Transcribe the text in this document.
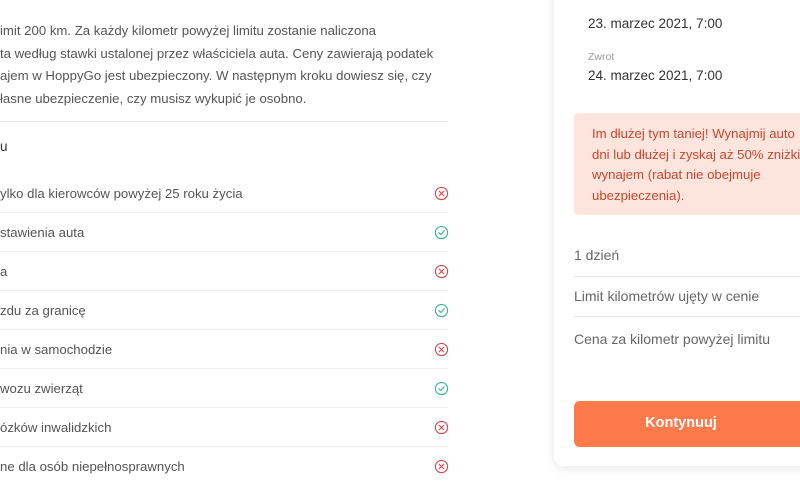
imit 200 km. Za każdy kilometr powyżej limitu zostanie naliczona
ta według stawki ustalonej przez właściciela auta. Ceny zawierają podatek
ajem w HoppyGo jest ubezpieczony. W następnym kroku dowiesz się, czy
łasne ubezpieczenie, czy musisz wykupić je osobno.
u
ylko dla kierowców powyżej 25 roku życia
stawienia auta
a
zdu za granicę
nia w samochodzie
wozu zwierząt
ózków inwalidzkich
ne dla osób niepełnosprawnych
23. marzec 2021, 7:00
Zwrot
24. marzec 2021, 7:00
Im dłużej tym taniej! Wynajmij auto dni lub dłużej i zyskaj aż 50% zniżki wynajem (rabat nie obejmuje ubezpieczenia).
1 dzień
Limit kilometrów ujęty w cenie
Cena za kilometr powyżej limitu
Kontynuuj
